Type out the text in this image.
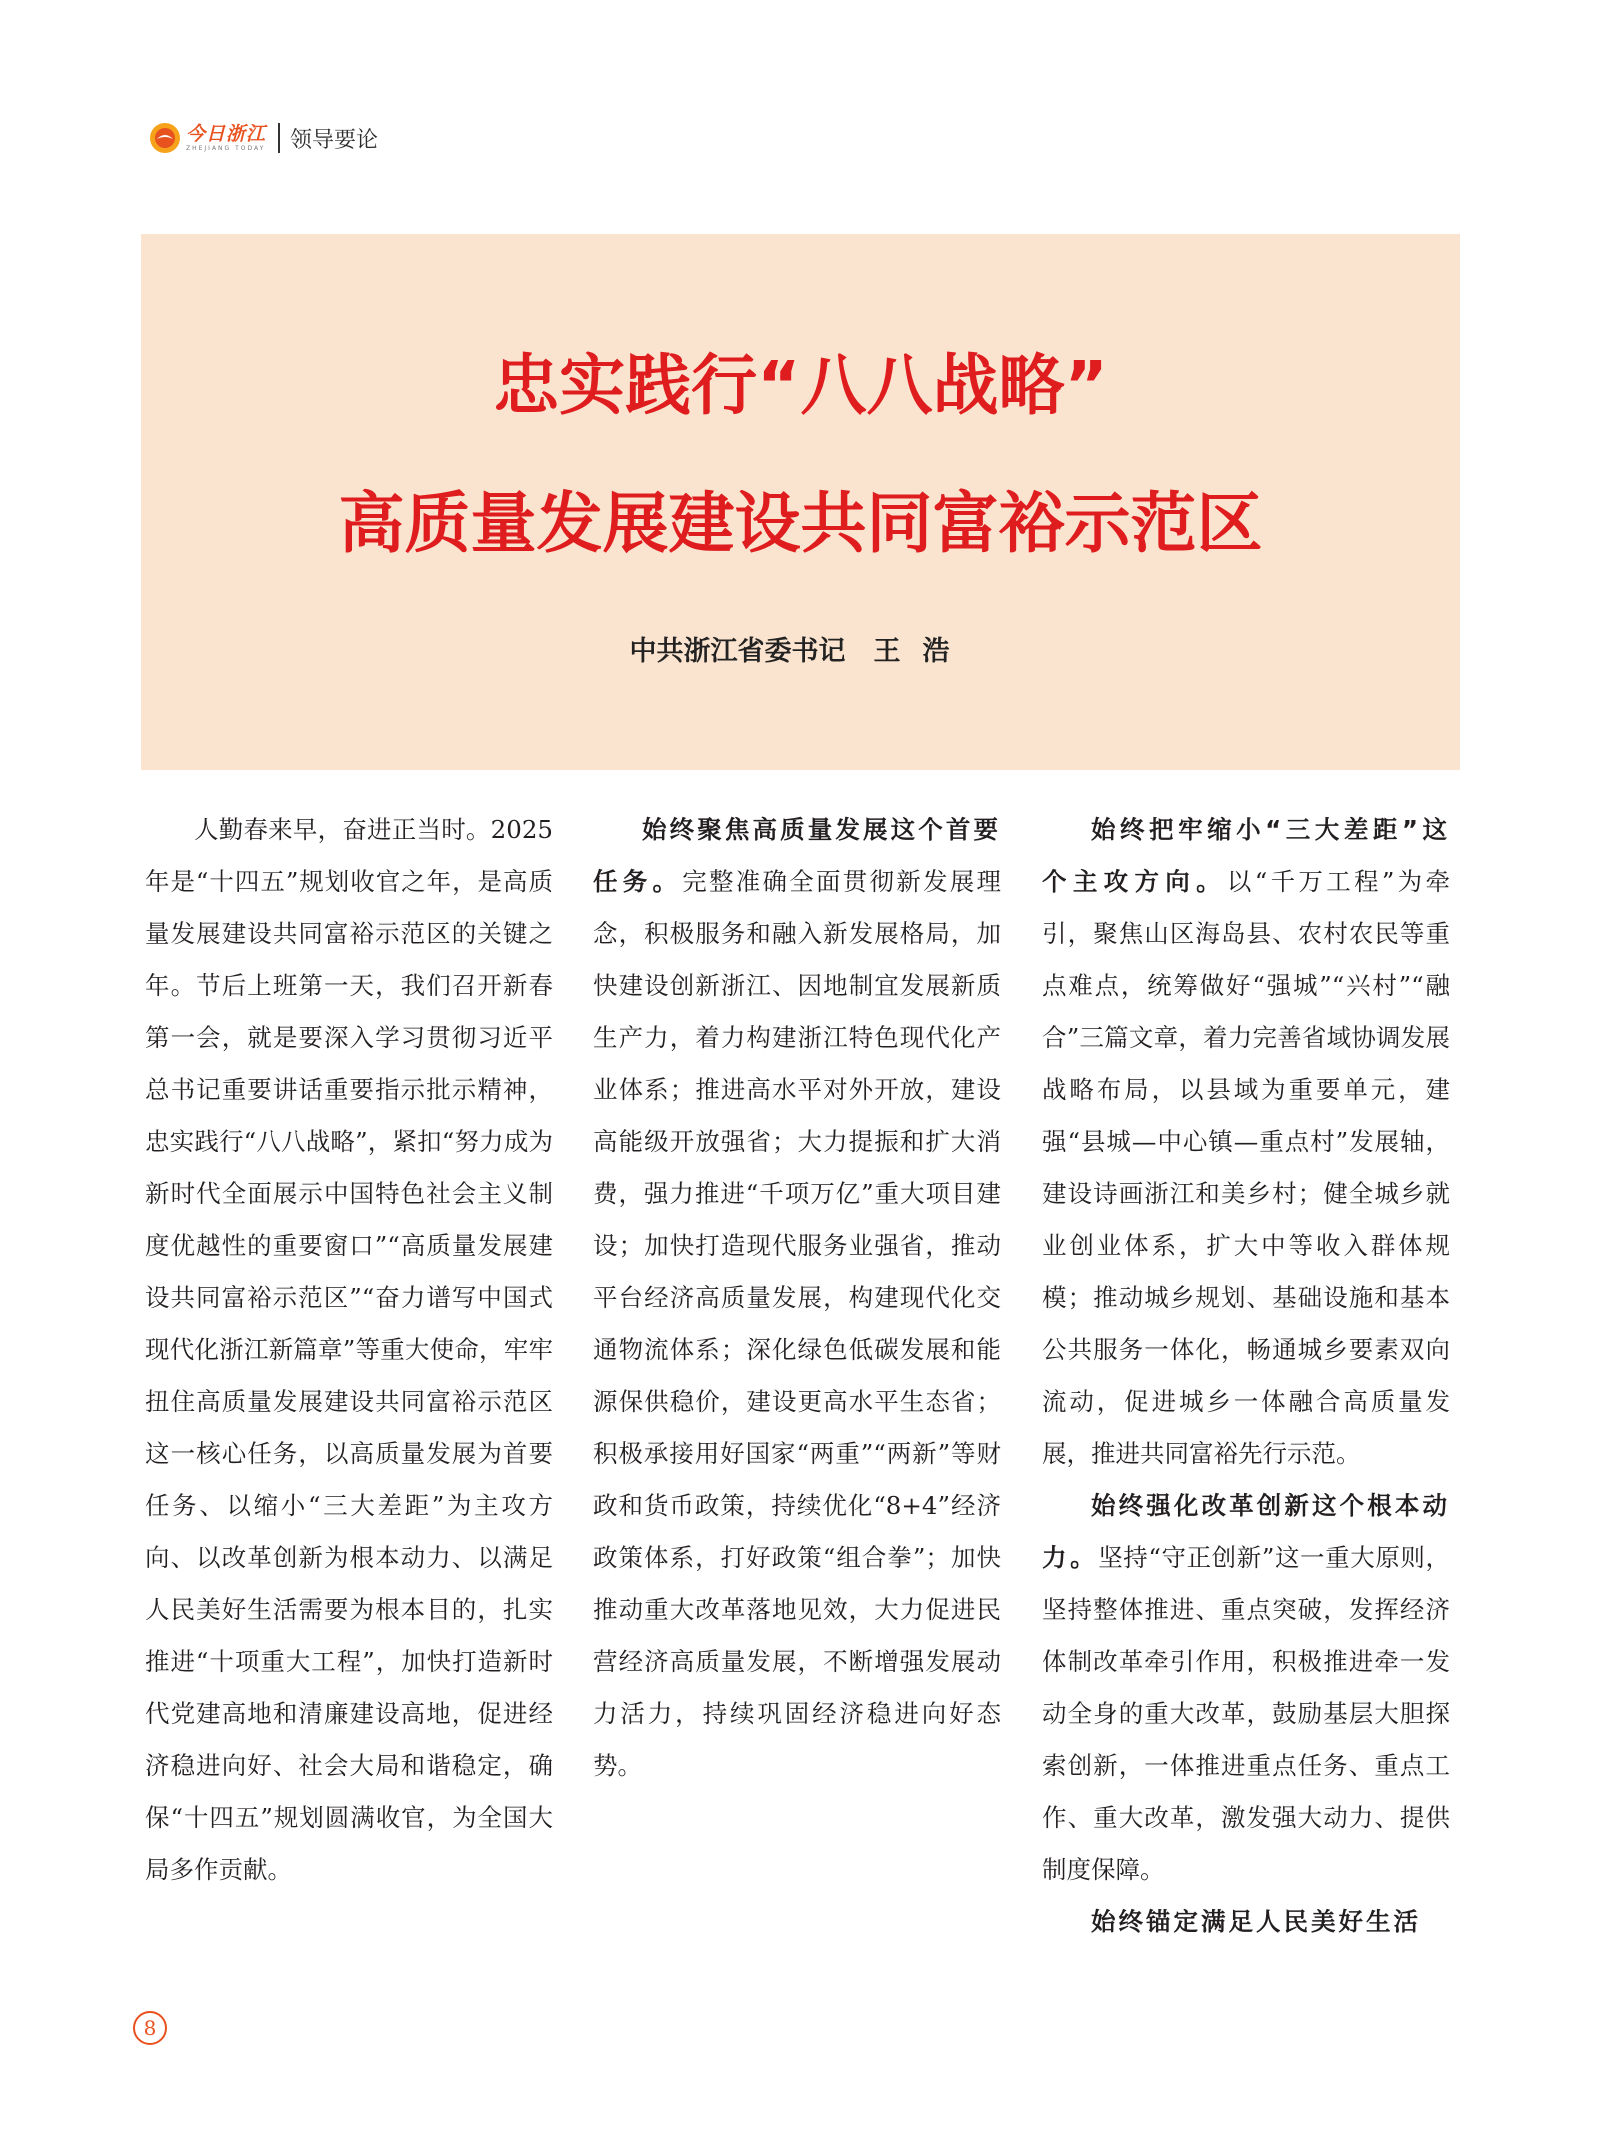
今日浙江
ZHEJIANG TODAY 领导要论
忠实践行“八八战略”
高质量发展建设共同富裕示范区
中共浙江省委书记 王浩

人勤春来早，奋进正当时。2025年是“十四五”规划收官之年，是高质量发展建设共同富裕示范区的关键之年。节后上班第一天，我们召开新春第一会，就是要深入学习贯彻习近平总书记重要讲话重要指示批示精神，忠实践行“八八战略”，紧扣“努力成为新时代全面展示中国特色社会主义制度优越性的重要窗口”“高质量发展建设共同富裕示范区”“奋力谱写中国式现代化浙江新篇章”等重大使命，牢牢扭住高质量发展建设共同富裕示范区这一核心任务，以高质量发展为首要任务、以缩小“三大差距”为主攻方向、以改革创新为根本动力、以满足人民美好生活需要为根本目的，扎实推进“十项重大工程”，加快打造新时代党建高地和清廉建设高地，促进经济稳进向好、社会大局和谐稳定，确保“十四五”规划圆满收官，为全国大局多作贡献。

始终聚焦高质量发展这个首要任务。完整准确全面贯彻新发展理念，积极服务和融入新发展格局，加快建设创新浙江、因地制宜发展新质生产力，着力构建浙江特色现代化产业体系；推进高水平对外开放，建设高能级开放强省；大力提振和扩大消费，强力推进“千项万亿”重大项目建设；加快打造现代服务业强省，推动平台经济高质量发展，构建现代化交通物流体系；深化绿色低碳发展和能源保供稳价，建设更高水平生态省；积极承接用好国家“两重”“两新”等财政和货币政策，持续优化“8+4”经济政策体系，打好政策“组合拳”；加快推动重大改革落地见效，大力促进民营经济高质量发展，不断增强发展动力活力，持续巩固经济稳进向好态势。

始终把牢缩小“三大差距”这个主攻方向。以“千万工程”为牵引，聚焦山区海岛县、农村农民等重点难点，统筹做好“强城”“兴村”“融合”三篇文章，着力完善省域协调发展战略布局，以县域为重要单元，建强“县城—中心镇—重点村”发展轴，建设诗画浙江和美乡村；健全城乡就业创业体系，扩大中等收入群体规模；推动城乡规划、基础设施和基本公共服务一体化，畅通城乡要素双向流动，促进城乡一体融合高质量发展，推进共同富裕先行示范。

始终强化改革创新这个根本动力。坚持“守正创新”这一重大原则，坚持整体推进、重点突破，发挥经济体制改革牵引作用，积极推进牵一发动全身的重大改革，鼓励基层大胆探索创新，一体推进重点任务、重点工作、重大改革，激发强大动力、提供制度保障。

始终锚定满足人民美好生活

8
